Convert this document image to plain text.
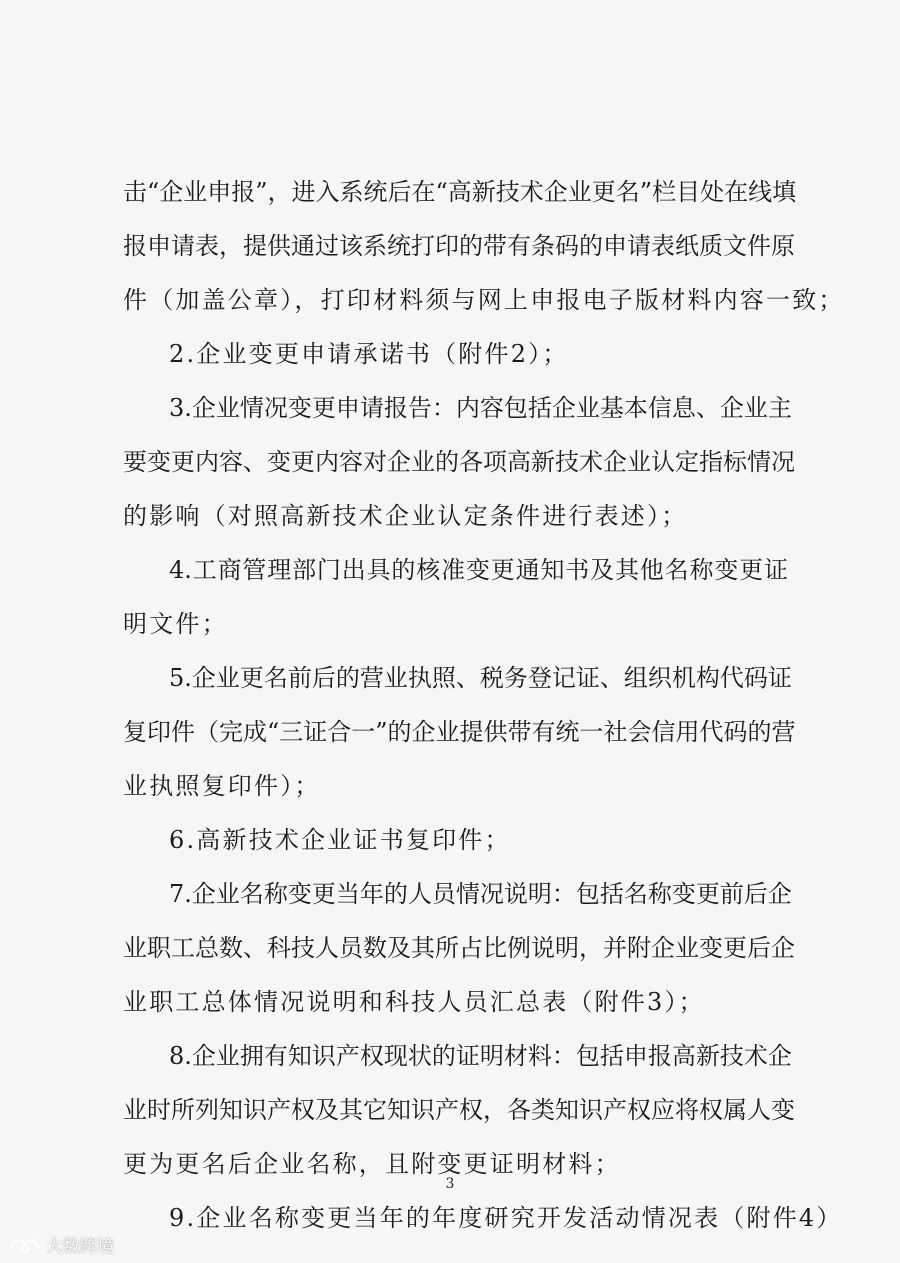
击“企业申报”，进入系统后在“高新技术企业更名”栏目处在线填
报申请表，提供通过该系统打印的带有条码的申请表纸质文件原
件（加盖公章），打印材料须与网上申报电子版材料内容一致；
2.企业变更申请承诺书（附件2）；
3.企业情况变更申请报告：内容包括企业基本信息、企业主
要变更内容、变更内容对企业的各项高新技术企业认定指标情况
的影响（对照高新技术企业认定条件进行表述）；
4.工商管理部门出具的核准变更通知书及其他名称变更证
明文件；
5.企业更名前后的营业执照、税务登记证、组织机构代码证
复印件（完成“三证合一”的企业提供带有统一社会信用代码的营
业执照复印件）；
6.高新技术企业证书复印件；
7.企业名称变更当年的人员情况说明：包括名称变更前后企
业职工总数、科技人员数及其所占比例说明，并附企业变更后企
业职工总体情况说明和科技人员汇总表（附件3）；
8.企业拥有知识产权现状的证明材料：包括申报高新技术企
业时所列知识产权及其它知识产权，各类知识产权应将权属人变
更为更名后企业名称，且附变更证明材料；
9.企业名称变更当年的年度研究开发活动情况表（附件4）
3
大数跨境
